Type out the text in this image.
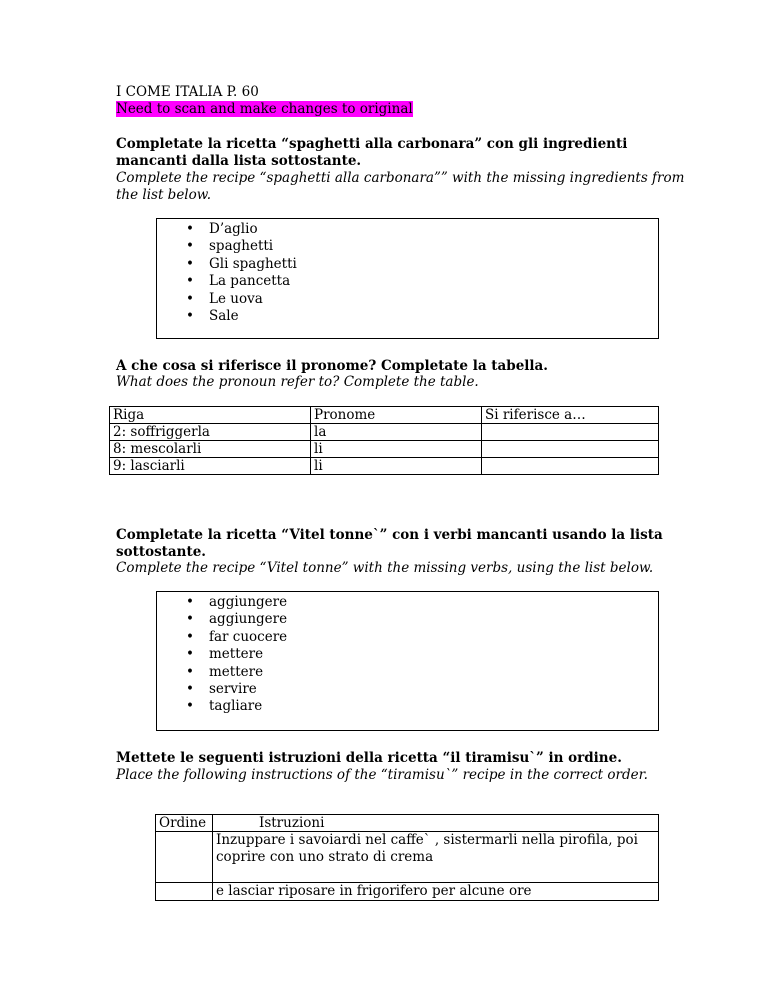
I COME ITALIA P. 60
Need to scan and make changes to original
Completate la ricetta “spaghetti alla carbonara” con gli ingredienti
mancanti dalla lista sottostante.
Complete the recipe “spaghetti alla carbonara”” with the missing ingredients from
the list below.
• D’aglio
• spaghetti
• Gli spaghetti
• La pancetta
• Le uova
• Sale
A che cosa si riferisce il pronome? Completate la tabella.
What does the pronoun refer to? Complete the table.
Riga	Pronome	Si riferisce a…
2: soffriggerla	la	
8: mescolarli	li	
9: lasciarli	li	
Completate la ricetta “Vitel tonne`” con i verbi mancanti usando la lista
sottostante.
Complete the recipe “Vitel tonne” with the missing verbs, using the list below.
• aggiungere
• aggiungere
• far cuocere
• mettere
• mettere
• servire
• tagliare
Mettete le seguenti istruzioni della ricetta “il tiramisu`” in ordine.
Place the following instructions of the “tiramisu`” recipe in the correct order.
Ordine	Istruzioni

	Inzuppare i savoiardi nel caffe` , sistermarli nella pirofila, poi
coprire con uno strato di crema

	e lasciar riposare in frigorifero per alcune ore
